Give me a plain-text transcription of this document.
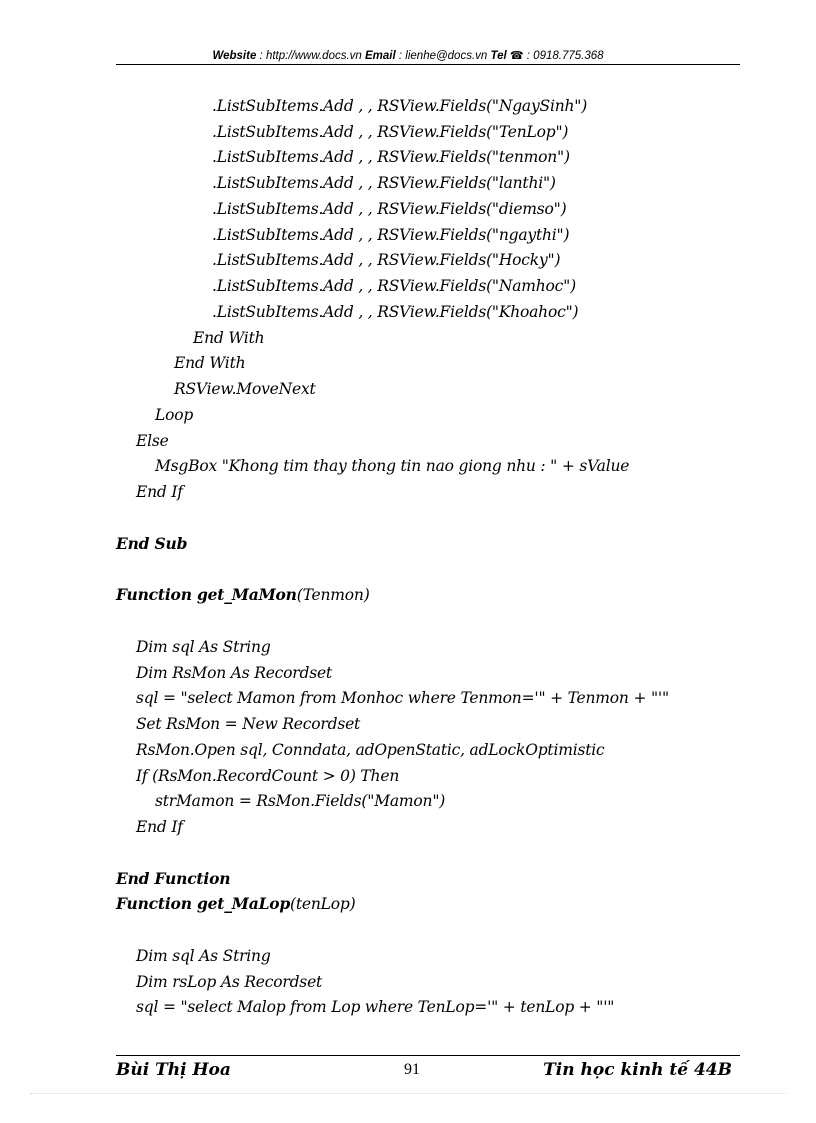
Website : http://www.docs.vn Email : lienhe@docs.vn Tel ☎ : 0918.775.368
.ListSubItems.Add , , RSView.Fields("NgaySinh")
.ListSubItems.Add , , RSView.Fields("TenLop")
.ListSubItems.Add , , RSView.Fields("tenmon")
.ListSubItems.Add , , RSView.Fields("lanthi")
.ListSubItems.Add , , RSView.Fields("diemso")
.ListSubItems.Add , , RSView.Fields("ngaythi")
.ListSubItems.Add , , RSView.Fields("Hocky")
.ListSubItems.Add , , RSView.Fields("Namhoc")
.ListSubItems.Add , , RSView.Fields("Khoahoc")
End With
End With
RSView.MoveNext
Loop
Else
MsgBox "Khong tim thay thong tin nao giong nhu : " + sValue
End If
End Sub
Function get_MaMon(Tenmon)
Dim sql As String
Dim RsMon As Recordset
sql = "select Mamon from Monhoc where Tenmon='" + Tenmon + "'"
Set RsMon = New Recordset
RsMon.Open sql, Conndata, adOpenStatic, adLockOptimistic
If (RsMon.RecordCount > 0) Then
strMamon = RsMon.Fields("Mamon")
End If
End Function
Function get_MaLop(tenLop)
Dim sql As String
Dim rsLop As Recordset
sql = "select Malop from Lop where TenLop='" + tenLop + "'"
Bùi Thị Hoa	91	Tin học kinh tế 44B
